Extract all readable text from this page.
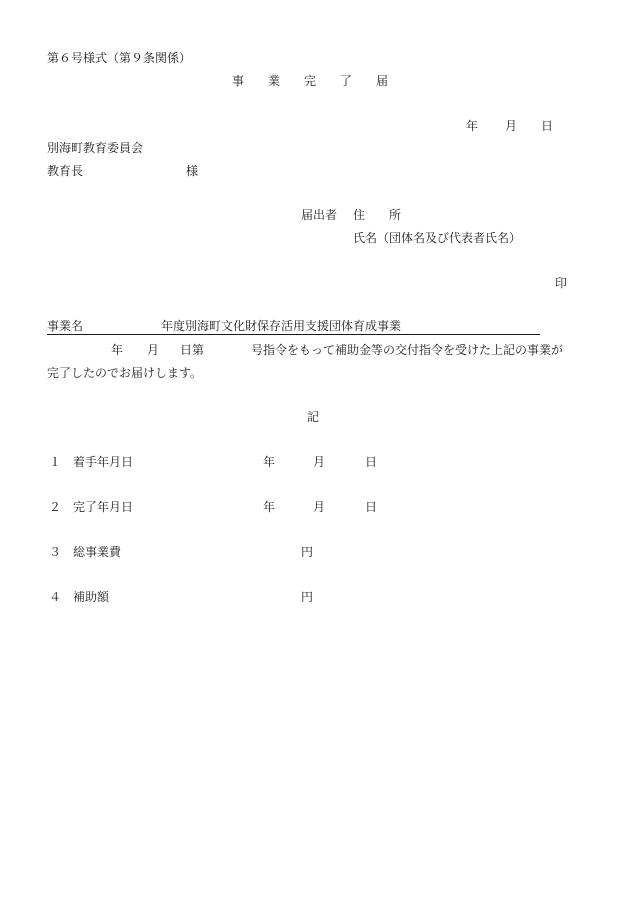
第６号様式（第９条関係）
事　　業　　完　　了　　届
年 月 日
別海町教育委員会
教育長	様
届出者 住　　所
氏名（団体名及び代表者氏名）
印
事業名	年度別海町文化財保存活用支援団体育成事業
年 月 日第	号指令をもって補助金等の交付指令を受けた上記の事業が
完了したのでお届けします。
記
１ 着手年月日	年	月	日
２ 完了年月日	年	月	日
３ 総事業費	円
４ 補助額	円
